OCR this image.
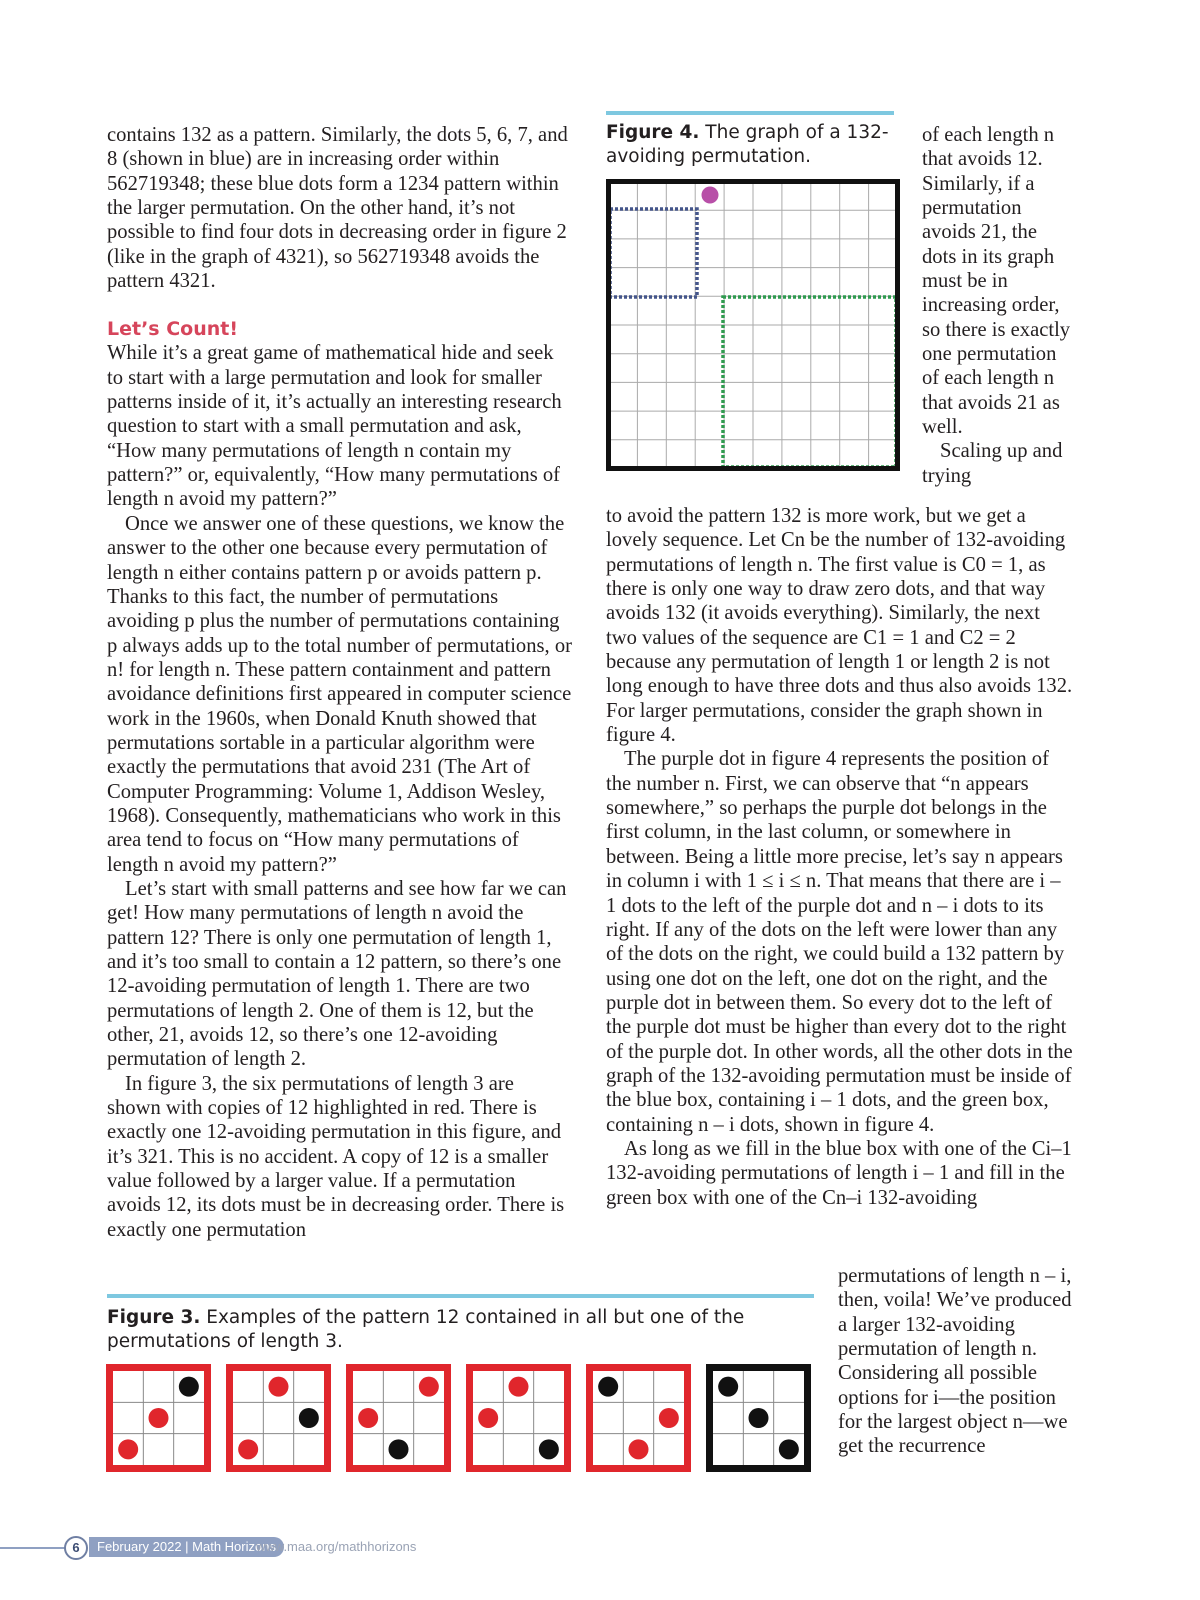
contains 132 as a pattern. Similarly, the dots 5, 6, 7, and 8 (shown in blue) are in increasing order within 562719348; these blue dots form a 1234 pattern within the larger permutation. On the other hand, it’s not possible to find four dots in decreasing order in figure 2 (like in the graph of 4321), so 562719348 avoids the pattern 4321.

Let’s Count!

While it’s a great game of mathematical hide and seek to start with a large permutation and look for smaller patterns inside of it, it’s actually an interesting research question to start with a small permutation and ask, “How many permutations of length n contain my pattern?” or, equivalently, “How many permutations of length n avoid my pattern?”

Once we answer one of these questions, we know the answer to the other one because every permutation of length n either contains pattern p or avoids pattern p. Thanks to this fact, the number of permutations avoiding p plus the number of permutations containing p always adds up to the total number of permutations, or n! for length n. These pattern containment and pattern avoidance definitions first appeared in computer science work in the 1960s, when Donald Knuth showed that permutations sortable in a particular algorithm were exactly the permutations that avoid 231 (The Art of Computer Programming: Volume 1, Addison Wesley, 1968). Consequently, mathematicians who work in this area tend to focus on “How many permutations of length n avoid my pattern?”

Let’s start with small patterns and see how far we can get! How many permutations of length n avoid the pattern 12? There is only one permutation of length 1, and it’s too small to contain a 12 pattern, so there’s one 12-avoiding permutation of length 1. There are two permutations of length 2. One of them is 12, but the other, 21, avoids 12, so there’s one 12-avoiding permutation of length 2.

In figure 3, the six permutations of length 3 are shown with copies of 12 highlighted in red. There is exactly one 12-avoiding permutation in this figure, and it’s 321. This is no accident. A copy of 12 is a smaller value followed by a larger value. If a permutation avoids 12, its dots must be in decreasing order. There is exactly one permutation

Figure 4. The graph of a 132-avoiding permutation.

of each length n that avoids 12. Similarly, if a permutation avoids 21, the dots in its graph must be in increasing order, so there is exactly one permutation of each length n that avoids 21 as well.

Scaling up and trying

to avoid the pattern 132 is more work, but we get a lovely sequence. Let Cn be the number of 132-avoiding permutations of length n. The first value is C0 = 1, as there is only one way to draw zero dots, and that way avoids 132 (it avoids everything). Similarly, the next two values of the sequence are C1 = 1 and C2 = 2 because any permutation of length 1 or length 2 is not long enough to have three dots and thus also avoids 132. For larger permutations, consider the graph shown in figure 4.

The purple dot in figure 4 represents the position of the number n. First, we can observe that “n appears somewhere,” so perhaps the purple dot belongs in the first column, in the last column, or somewhere in between. Being a little more precise, let’s say n appears in column i with 1 ≤ i ≤ n. That means that there are i – 1 dots to the left of the purple dot and n – i dots to its right. If any of the dots on the left were lower than any of the dots on the right, we could build a 132 pattern by using one dot on the left, one dot on the right, and the purple dot in between them. So every dot to the left of the purple dot must be higher than every dot to the right of the purple dot. In other words, all the other dots in the graph of the 132-avoiding permutation must be inside of the blue box, containing i – 1 dots, and the green box, containing n – i dots, shown in figure 4.

As long as we fill in the blue box with one of the Ci–1 132-avoiding permutations of length i – 1 and fill in the green box with one of the Cn–i 132-avoiding

permutations of length n – i, then, voila! We’ve produced a larger 132-avoiding permutation of length n. Considering all possible options for i—the position for the largest object n—we get the recurrence

Figure 3. Examples of the pattern 12 contained in all but one of the permutations of length 3.
February 2022 | Math Horizons
6	www.maa.org/mathhorizons
